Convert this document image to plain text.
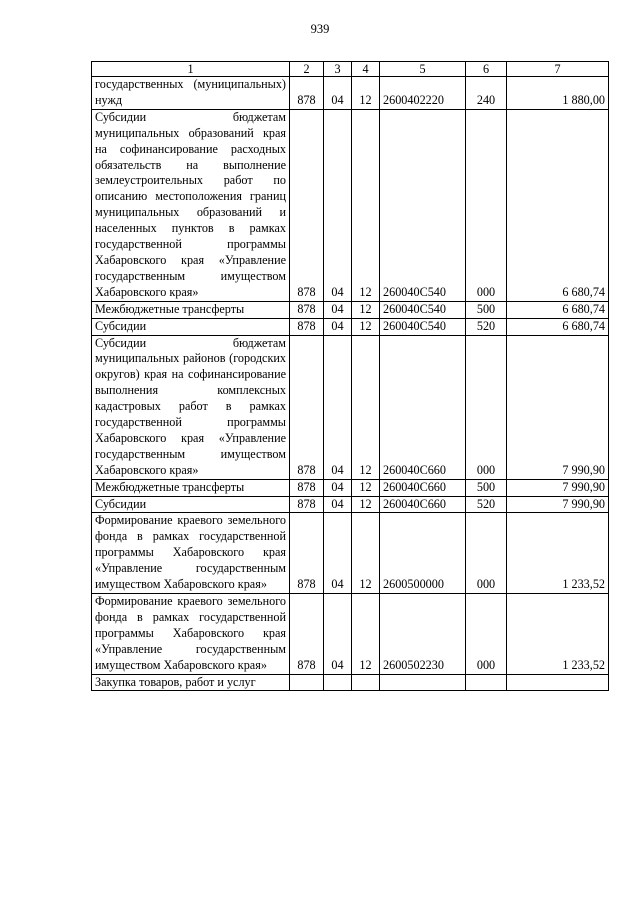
939
1	2	3	4	5	6	7
государственных (муниципальных) нужд	878	04	12	2600402220	240	1 880,00
Субсидии бюджетам муниципальных образований края на софинансирование расходных обязательств на выполнение землеустроительных работ по описанию местоположения границ муниципальных образований и населенных пунктов в рамках государственной программы Хабаровского края «Управление государственным имуществом Хабаровского края»	878	04	12	260040С540	000	6 680,74
Межбюджетные трансферты	878	04	12	260040С540	500	6 680,74
Субсидии	878	04	12	260040С540	520	6 680,74
Субсидии бюджетам муниципальных районов (городских округов) края на софинансирование выполнения комплексных кадастровых работ в рамках государственной программы Хабаровского края «Управление государственным имуществом Хабаровского края»	878	04	12	260040С660	000	7 990,90
Межбюджетные трансферты	878	04	12	260040С660	500	7 990,90
Субсидии	878	04	12	260040С660	520	7 990,90
Формирование краевого земельного фонда в рамках государственной программы Хабаровского края «Управление государственным имуществом Хабаровского края»	878	04	12	2600500000	000	1 233,52
Формирование краевого земельного фонда в рамках государственной программы Хабаровского края «Управление государственным имуществом Хабаровского края»	878	04	12	2600502230	000	1 233,52
Закупка товаров, работ и услуг						
